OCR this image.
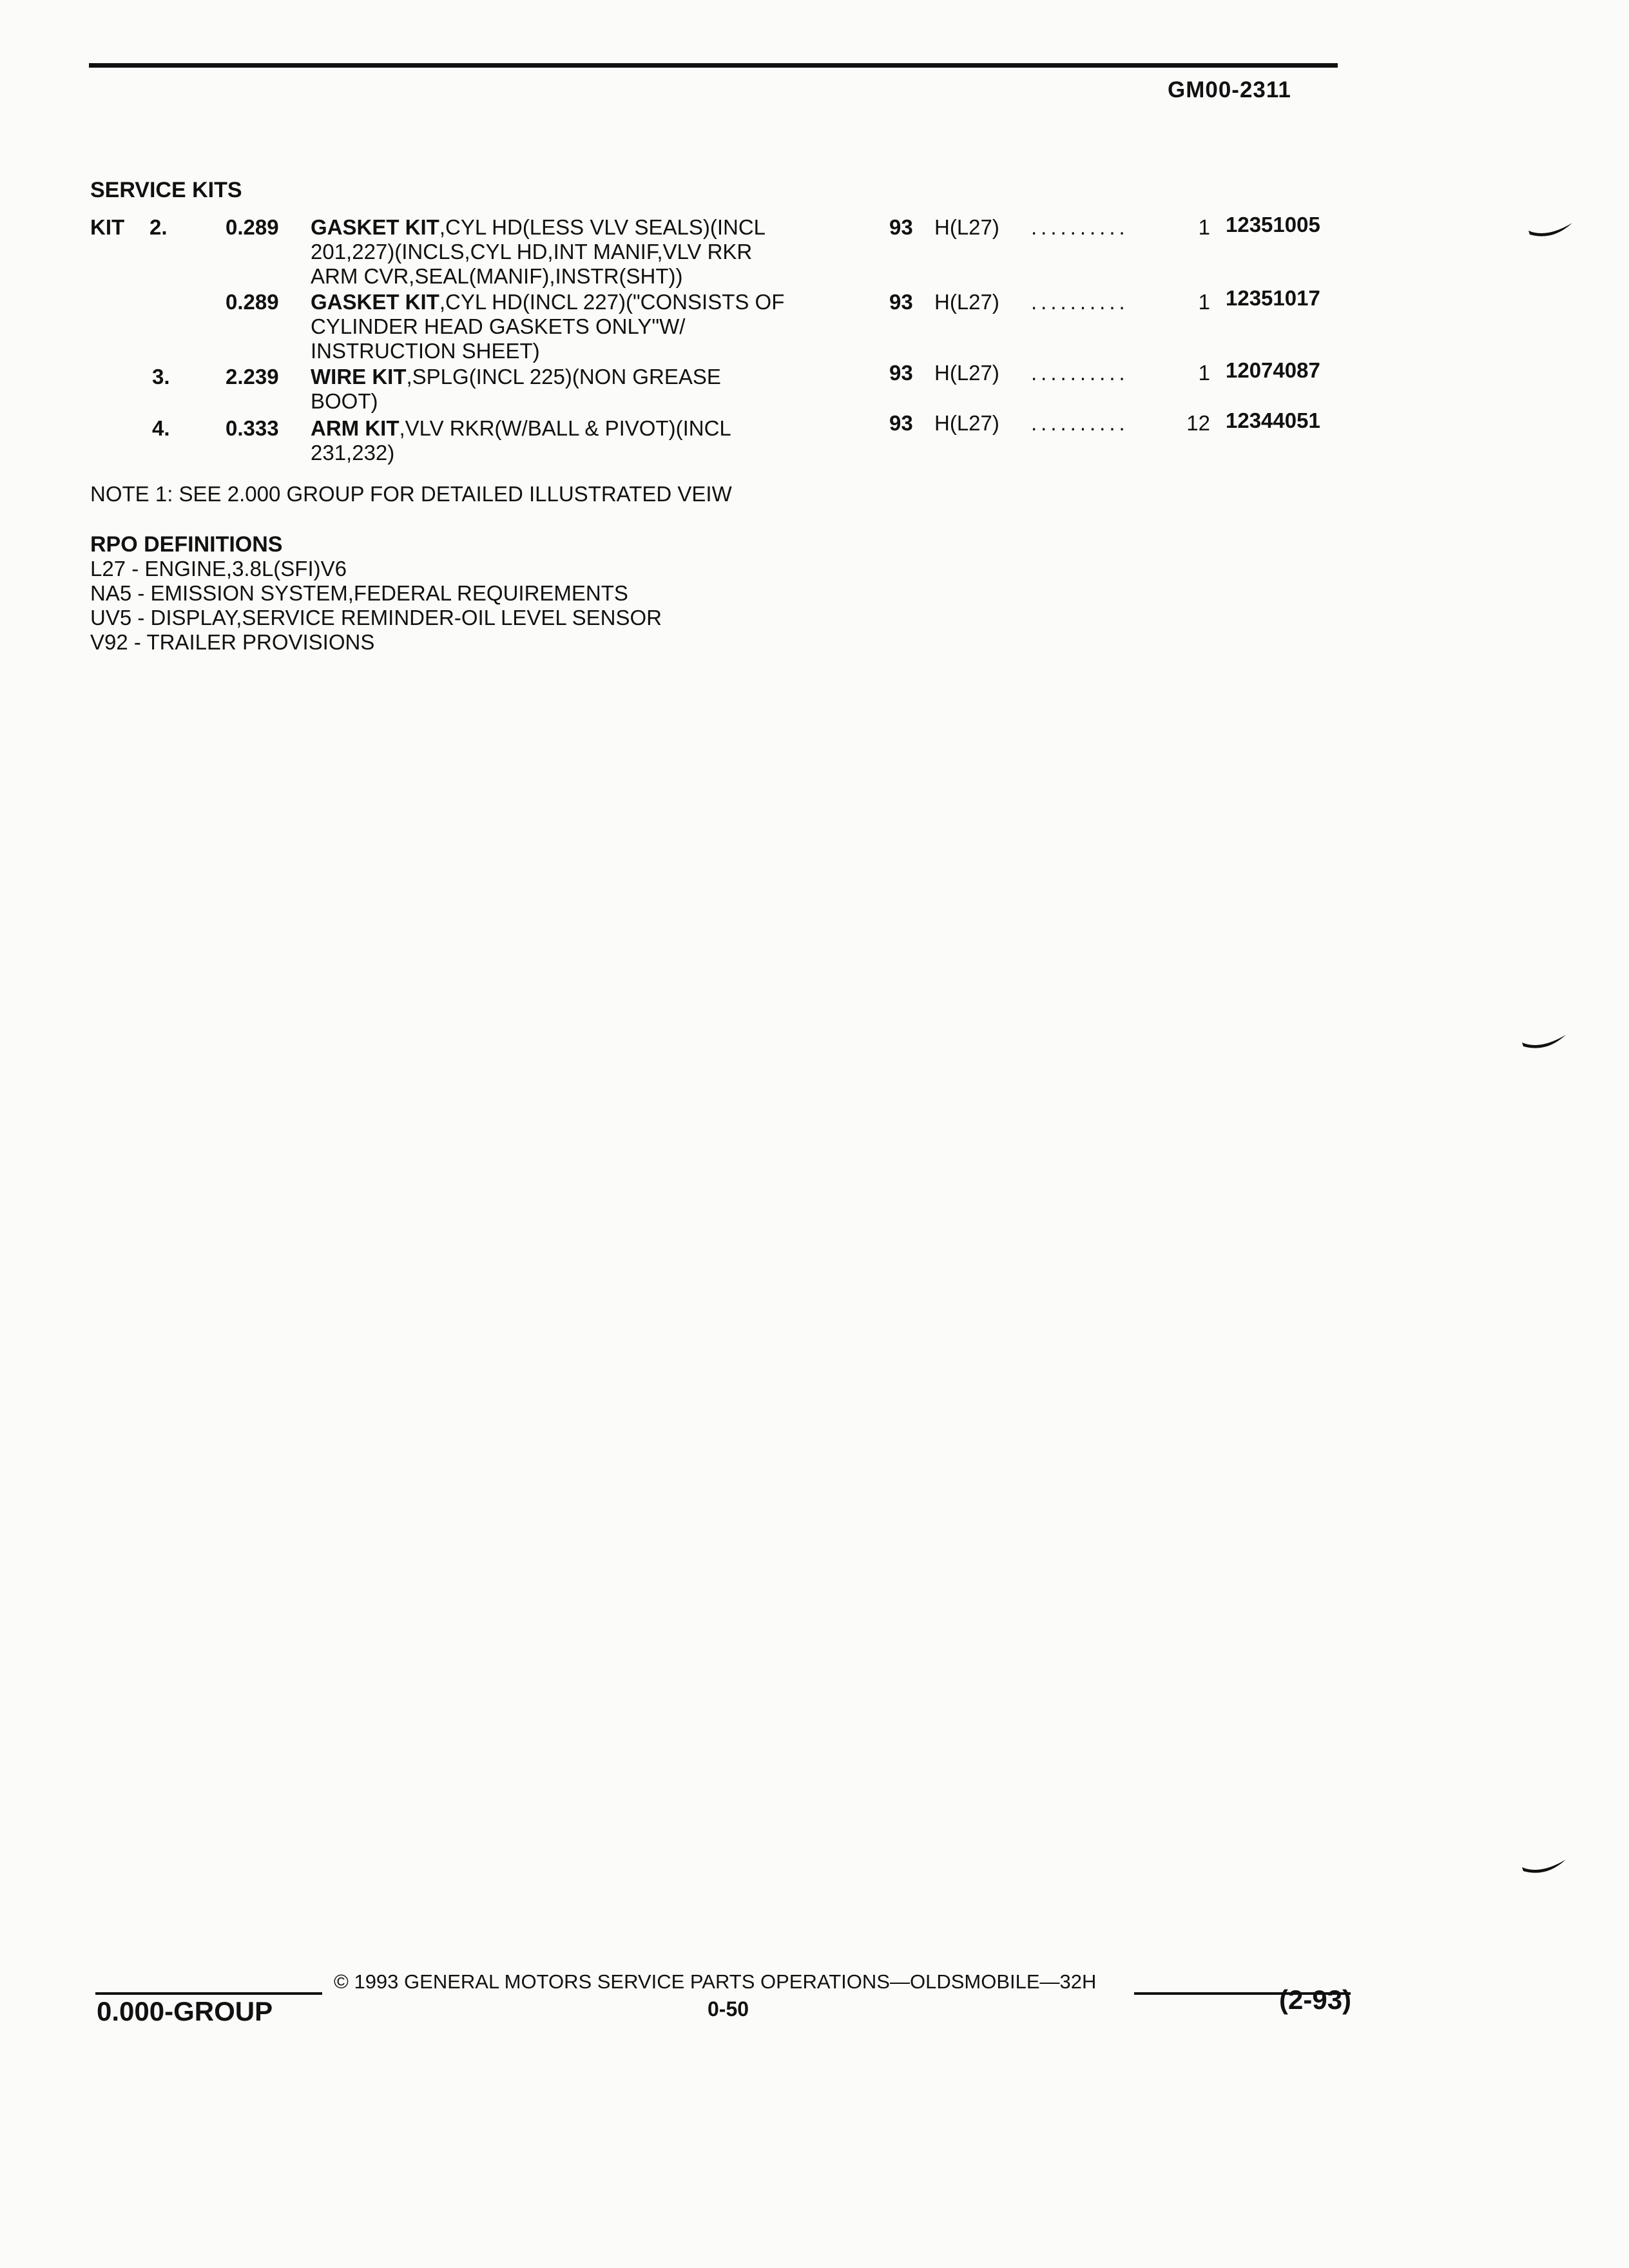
GM00-2311
SERVICE KITS
KIT 2.	0.289 GASKET KIT,CYL HD(LESS VLV SEALS)(INCL
201,227)(INCLS,CYL HD,INT MANIF,VLV RKR
ARM CVR,SEAL(MANIF),INSTR(SHT))
93 H(L27) ..........	1 12351005
0.289 GASKET KIT,CYL HD(INCL 227)("CONSISTS OF
CYLINDER HEAD GASKETS ONLY"W/
INSTRUCTION SHEET)
93 H(L27) ..........	1 12351017
3.	2.239 WIRE KIT,SPLG(INCL 225)(NON GREASE
BOOT)
93 H(L27) ..........	1 12074087
4.	0.333 ARM KIT,VLV RKR(W/BALL & PIVOT)(INCL
231,232)
93 H(L27) ..........	12 12344051
NOTE 1: SEE 2.000 GROUP FOR DETAILED ILLUSTRATED VEIW
RPO DEFINITIONS
L27 - ENGINE,3.8L(SFI)V6
NA5 - EMISSION SYSTEM,FEDERAL REQUIREMENTS
UV5 - DISPLAY,SERVICE REMINDER-OIL LEVEL SENSOR
V92 - TRAILER PROVISIONS
© 1993 GENERAL MOTORS SERVICE PARTS OPERATIONS—OLDSMOBILE—32H
0.000-GROUP	0-50	(2-93)
